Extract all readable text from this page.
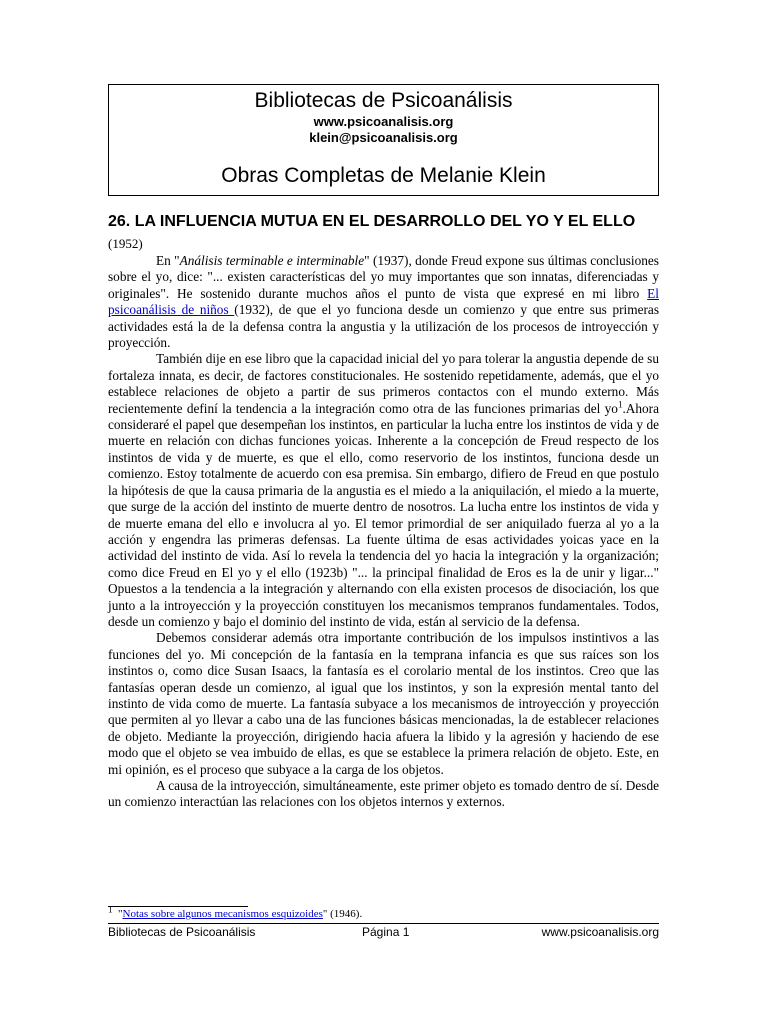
Bibliotecas de Psicoanálisis
www.psicoanalisis.org
klein@psicoanalisis.org
Obras Completas de Melanie Klein
26. LA INFLUENCIA MUTUA EN EL DESARROLLO DEL YO Y EL ELLO
(1952)

En "Análisis terminable e interminable" (1937), donde Freud expone sus últimas conclusiones sobre el yo, dice: "... existen características del yo muy importantes que son innatas, diferenciadas y originales". He sostenido durante muchos años el punto de vista que expresé en mi libro El psicoanálisis de niños (1932), de que el yo funciona desde un comienzo y que entre sus primeras actividades está la de la defensa contra la angustia y la utilización de los procesos de introyección y proyección.

También dije en ese libro que la capacidad inicial del yo para tolerar la angustia depende de su fortaleza innata, es decir, de factores constitucionales. He sostenido repetidamente, además, que el yo establece relaciones de objeto a partir de sus primeros contactos con el mundo externo. Más recientemente definí la tendencia a la integración como otra de las funciones primarias del $yo^1.Ahora$ consideraré el papel que desempeñan los instintos, en particular la lucha entre los instintos de vida y de muerte en relación con dichas funciones yoicas. Inherente a la concepción de Freud respecto de los instintos de vida y de muerte, es que el ello, como reservorio de los instintos, funciona desde un comienzo. Estoy totalmente de acuerdo con esa premisa. Sin embargo, difiero de Freud en que postulo la hipótesis de que la causa primaria de la angustia es el miedo a la aniquilación, el miedo a la muerte, que surge de la acción del instinto de muerte dentro de nosotros. La lucha entre los instintos de vida y de muerte emana del ello e involucra al yo. El temor primordial de ser aniquilado fuerza al yo a la acción y engendra las primeras defensas. La fuente última de esas actividades yoicas yace en la actividad del instinto de vida. Así lo revela la tendencia del yo hacia la integración y la organización; como dice Freud en El yo y el ello (1923b) "... la principal finalidad de Eros es la de unir y ligar..." Opuestos a la tendencia a la integración y alternando con ella existen procesos de disociación, los que junto a la introyección y la proyección constituyen los mecanismos tempranos fundamentales. Todos, desde un comienzo y bajo el dominio del instinto de vida, están al servicio de la defensa.

Debemos considerar además otra importante contribución de los impulsos instintivos a las funciones del yo. Mi concepción de la fantasía en la temprana infancia es que sus raíces son los instintos o, como dice Susan Isaacs, la fantasía es el corolario mental de los instintos. Creo que las fantasías operan desde un comienzo, al igual que los instintos, y son la expresión mental tanto del instinto de vida como de muerte. La fantasía subyace a los mecanismos de introyección y proyección que permiten al yo llevar a cabo una de las funciones básicas mencionadas, la de establecer relaciones de objeto. Mediante la proyección, dirigiendo hacia afuera la libido y la agresión y haciendo de ese modo que el objeto se vea imbuido de ellas, es que se establece la primera relación de objeto. Este, en mi opinión, es el proceso que subyace a la carga de los objetos.

A causa de la introyección, simultáneamente, este primer objeto es tomado dentro de sí. Desde un comienzo interactúan las relaciones con los objetos internos y externos.

$^1$ "Notas sobre algunos mecanismos esquizoides" (1946).
Bibliotecas de Psicoanálisis	Página 1	www.psicoanalisis.org
